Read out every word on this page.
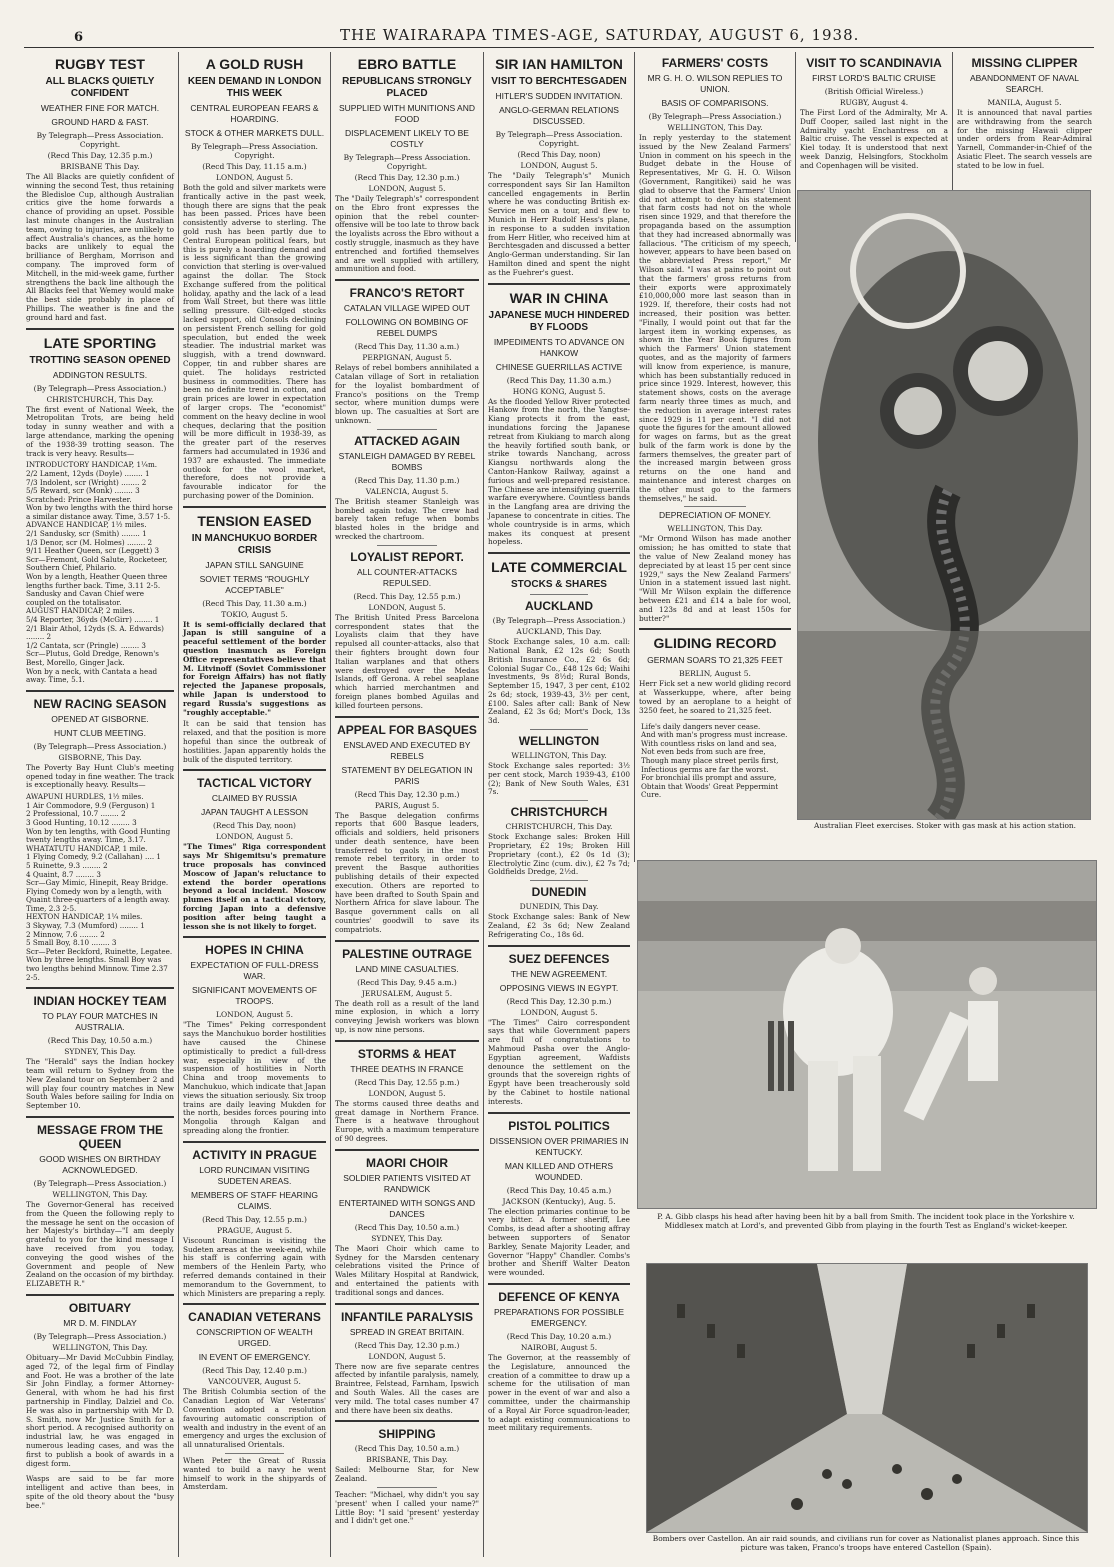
6	THE WAIRARAPA TIMES-AGE, SATURDAY, AUGUST 6, 1938.
RUGBY TEST
ALL BLACKS QUIETLY CONFIDENT
WEATHER FINE FOR MATCH.
GROUND HARD & FAST.
By Telegraph—Press Association. Copyright.
(Recd This Day, 12.35 p.m.)
BRISBANE This Day.
The All Blacks are quietly confident of winning the second Test, thus retaining the Bledisloe Cup, although Australian critics give the home forwards a chance of providing an upset. Possible last minute changes in the Australian team, owing to injuries, are unlikely to affect Australia's chances, as the home backs are unlikely to equal the brilliance of Bergham, Morrison and company. The improved form of Mitchell, in the mid-week game, further strengthens the back line although the All Blacks feel that Wemey would make the best side probably in place of Phillips. The weather is fine and the ground hard and fast.
LATE SPORTING
TROTTING SEASON OPENED
ADDINGTON RESULTS.
(By Telegraph—Press Association.)
CHRISTCHURCH, This Day.
The first event of National Week, the Metropolitan Trots, are being held today in sunny weather and with a large attendance, marking the opening of the 1938-39 trotting season. The track is very heavy. Results—
INTRODUCTORY HANDICAP, 1¼m.
2/2 Lament, 12yds (Doyle) ........ 1
7/3 Indolent, scr (Wright) ........ 2
5/5 Reward, scr (Monk) ........ 3
Scratched: Prince Harvester.
Won by two lengths with the third horse a similar distance away. Time, 3.57 1-5.
ADVANCE HANDICAP, 1½ miles.
2/1 Sandusky, scr (Smith) ........ 1
1/3 Denor, scr (M. Holmes) ........ 2
9/11 Heather Queen, scr (Leggett) 3
Scr—Fremont, Gold Salute, Rocketeer, Southern Chief, Philario.
Won by a length, Heather Queen three lengths further back. Time, 3.11 2-5.
Sandusky and Cavan Chief were coupled on the totalisator.
AUGUST HANDICAP, 2 miles.
5/4 Reporter, 36yds (McGirr) ........ 1
2/1 Blair Athol, 12yds (S. A. Edwards) ........ 2
1/2 Cantata, scr (Pringle) ........ 3
Scr—Plutus, Gold Dredge, Renown's Best, Morello, Ginger Jack.
Won by a neck, with Cantata a head away. Time, 5.1.
NEW RACING SEASON
OPENED AT GISBORNE.
HUNT CLUB MEETING.
(By Telegraph—Press Association.)
GISBORNE, This Day.
The Poverty Bay Hunt Club's meeting opened today in fine weather. The track is exceptionally heavy. Results—
AWAPUNI HURDLES, 1½ miles.
1 Air Commodore, 9.9 (Ferguson) 1
2 Professional, 10.7 ........ 2
3 Good Hunting, 10.12 ........ 3
Won by ten lengths, with Good Hunting twenty lengths away. Time, 3.17.
WHATATUTU HANDICAP, 1 mile.
1 Flying Comedy, 9.2 (Callahan) .... 1
5 Ruinette, 9.3 ........ 2
4 Quaint, 8.7 ........ 3
Scr—Gay Mimic, Hinepit, Reay Bridge.
Flying Comedy won by a length, with Quaint three-quarters of a length away. Time, 2.3 2-5.
HEXTON HANDICAP, 1¼ miles.
3 Skyway, 7.3 (Mumford) ........ 1
2 Minnow, 7.6 ........ 2
5 Small Boy, 8.10 ........ 3
Scr—Peter Beckford, Ruinette, Legatee.
Won by three lengths. Small Boy was two lengths behind Minnow. Time 2.37 2-5.
INDIAN HOCKEY TEAM
TO PLAY FOUR MATCHES IN AUSTRALIA.
(Recd This Day, 10.50 a.m.)
SYDNEY, This Day.
The "Herald" says the Indian hockey team will return to Sydney from the New Zealand tour on September 2 and will play four country matches in New South Wales before sailing for India on September 10.
MESSAGE FROM THE QUEEN
GOOD WISHES ON BIRTHDAY ACKNOWLEDGED.
(By Telegraph—Press Association.)
WELLINGTON, This Day.
The Governor-General has received from the Queen the following reply to the message he sent on the occasion of her Majesty's birthday—"I am deeply grateful to you for the kind message I have received from you today, conveying the good wishes of the Government and people of New Zealand on the occasion of my birthday. ELIZABETH R."
OBITUARY
MR D. M. FINDLAY
(By Telegraph—Press Association.)
WELLINGTON, This Day.
Obituary—Mr David McCubbin Findlay, aged 72, of the legal firm of Findlay and Foot. He was a brother of the late Sir John Findlay, a former Attorney-General, with whom he had his first partnership in Findlay, Dalziel and Co. He was also in partnership with Mr D. S. Smith, now Mr Justice Smith for a short period. A recognised authority on industrial law, he was engaged in numerous leading cases, and was the first to publish a book of awards in a digest form.
Wasps are said to be far more intelligent and active than bees, in spite of the old theory about the "busy bee."
A GOLD RUSH
KEEN DEMAND IN LONDON THIS WEEK
CENTRAL EUROPEAN FEARS & HOARDING.
STOCK & OTHER MARKETS DULL.
By Telegraph—Press Association. Copyright.
(Recd This Day, 11.15 a.m.)
LONDON, August 5.
Both the gold and silver markets were frantically active in the past week, though there are signs that the peak has been passed. Prices have been consistently adverse to sterling. The gold rush has been partly due to Central European political fears, but this is purely a hoarding demand and is less significant than the growing conviction that sterling is over-valued against the dollar. The Stock Exchange suffered from the political holiday, apathy and the lack of a lead from Wall Street, but there was little selling pressure. Gilt-edged stocks lacked support, old Consols declining on persistent French selling for gold speculation, but ended the week steadier. The industrial market was sluggish, with a trend downward. Copper, tin and rubber shares are quiet. The holidays restricted business in commodities. There has been no definite trend in cotton, and grain prices are lower in expectation of larger crops. The "economist" comment on the heavy decline in wool cheques, declaring that the position will be more difficult in 1938-39, as the greater part of the reserves farmers had accumulated in 1936 and 1937 are exhausted. The immediate outlook for the wool market, therefore, does not provide a favourable indicator for the purchasing power of the Dominion.
TENSION EASED
IN MANCHUKUO BORDER CRISIS
JAPAN STILL SANGUINE
SOVIET TERMS "ROUGHLY ACCEPTABLE"
(Recd This Day, 11.30 a.m.)
TOKIO, August 5.
It is semi-officially declared that Japan is still sanguine of a peaceful settlement of the border question inasmuch as Foreign Office representatives believe that M. Litvinoff (Soviet Commissioner for Foreign Affairs) has not flatly rejected the Japanese proposals, while Japan is understood to regard Russia's suggestions as "roughly acceptable."
It can be said that tension has relaxed, and that the position is more hopeful than since the outbreak of hostilities. Japan apparently holds the bulk of the disputed territory.
TACTICAL VICTORY
CLAIMED BY RUSSIA
JAPAN TAUGHT A LESSON
(Recd This Day, noon)
LONDON, August 5.
"The Times" Riga correspondent says Mr Shigemitsu's premature truce proposals has convinced Moscow of Japan's reluctance to extend the border operations beyond a local incident. Moscow plumes itself on a tactical victory, forcing Japan into a defensive position after being taught a lesson she is not likely to forget.
HOPES IN CHINA
EXPECTATION OF FULL-DRESS WAR.
SIGNIFICANT MOVEMENTS OF TROOPS.
LONDON, August 5.
"The Times" Peking correspondent says the Manchukuo border hostilities have caused the Chinese optimistically to predict a full-dress war, especially in view of the suspension of hostilities in North China and troop movements to Manchukuo, which indicate that Japan views the situation seriously. Six troop trains are daily leaving Mukden for the north, besides forces pouring into Mongolia through Kalgan and spreading along the frontier.
ACTIVITY IN PRAGUE
LORD RUNCIMAN VISITING SUDETEN AREAS.
MEMBERS OF STAFF HEARING CLAIMS.
(Recd This Day, 12.55 p.m.)
PRAGUE, August 5.
Viscount Runciman is visiting the Sudeten areas at the week-end, while his staff is conferring again with members of the Henlein Party, who referred demands contained in their memorandum to the Government, to which Ministers are preparing a reply.
CANADIAN VETERANS
CONSCRIPTION OF WEALTH URGED.
IN EVENT OF EMERGENCY.
(Recd This Day, 12.40 p.m.)
VANCOUVER, August 5.
The British Columbia section of the Canadian Legion of War Veterans' Convention adopted a resolution favouring automatic conscription of wealth and industry in the event of an emergency and urges the exclusion of all unnaturalised Orientals.
When Peter the Great of Russia wanted to build a navy he went himself to work in the shipyards of Amsterdam.
EBRO BATTLE
REPUBLICANS STRONGLY PLACED
SUPPLIED WITH MUNITIONS AND FOOD
DISPLACEMENT LIKELY TO BE COSTLY
By Telegraph—Press Association. Copyright.
(Recd This Day, 12.30 p.m.)
LONDON, August 5.
The "Daily Telegraph's" correspondent on the Ebro front expresses the opinion that the rebel counter-offensive will be too late to throw back the loyalists across the Ebro without a costly struggle, inasmuch as they have entrenched and fortified themselves and are well supplied with artillery, ammunition and food.
FRANCO'S RETORT
CATALAN VILLAGE WIPED OUT
FOLLOWING ON BOMBING OF REBEL DUMPS
(Recd This Day, 11.30 a.m.)
PERPIGNAN, August 5.
Relays of rebel bombers annihilated a Catalan village of Sort in retaliation for the loyalist bombardment of Franco's positions on the Tremp sector, where munition dumps were blown up. The casualties at Sort are unknown.
ATTACKED AGAIN
STANLEIGH DAMAGED BY REBEL BOMBS
(Recd This Day, 11.30 p.m.)
VALENCIA, August 5.
The British steamer Stanleigh was bombed again today. The crew had barely taken refuge when bombs blasted holes in the bridge and wrecked the chartroom.
LOYALIST REPORT.
ALL COUNTER-ATTACKS REPULSED.
(Recd. This Day, 12.55 p.m.)
LONDON, August 5.
The British United Press Barcelona correspondent states that the Loyalists claim that they have repulsed all counter-attacks, also that their fighters brought down four Italian warplanes and that others were destroyed over the Medas Islands, off Gerona. A rebel seaplane which harried merchantmen and foreign planes bombed Aguilas and killed fourteen persons.
APPEAL FOR BASQUES
ENSLAVED AND EXECUTED BY REBELS
STATEMENT BY DELEGATION IN PARIS
(Recd This Day, 12.30 p.m.)
PARIS, August 5.
The Basque delegation confirms reports that 600 Basque leaders, officials and soldiers, held prisoners under death sentence, have been transferred to gaols in the most remote rebel territory, in order to prevent the Basque authorities publishing details of their expected execution. Others are reported to have been drafted to South Spain and Northern Africa for slave labour. The Basque government calls on all countries' goodwill to save its compatriots.
PALESTINE OUTRAGE
LAND MINE CASUALTIES.
(Recd This Day, 9.45 a.m.)
JERUSALEM, August 5.
The death roll as a result of the land mine explosion, in which a lorry conveying Jewish workers was blown up, is now nine persons.
STORMS & HEAT
THREE DEATHS IN FRANCE
(Recd This Day, 12.55 p.m.)
LONDON, August 5.
The storms caused three deaths and great damage in Northern France. There is a heatwave throughout Europe, with a maximum temperature of 90 degrees.
MAORI CHOIR
SOLDIER PATIENTS VISITED AT RANDWICK
ENTERTAINED WITH SONGS AND DANCES
(Recd This Day, 10.50 a.m.)
SYDNEY, This Day.
The Maori Choir which came to Sydney for the Marsden centenary celebrations visited the Prince of Wales Military Hospital at Randwick, and entertained the patients with traditional songs and dances.
INFANTILE PARALYSIS
SPREAD IN GREAT BRITAIN.
(Recd This Day, 12.30 p.m.)
LONDON, August 5.
There now are five separate centres affected by infantile paralysis, namely, Braintree, Felstead, Farnham, Ipswich and South Wales. All the cases are very mild. The total cases number 47 and there have been six deaths.
SHIPPING
(Recd This Day, 10.50 a.m.)
BRISBANE, This Day.
Sailed: Melbourne Star, for New Zealand.
Teacher: "Michael, why didn't you say 'present' when I called your name?" Little Boy: "I said 'present' yesterday and I didn't get one."
SIR IAN HAMILTON
VISIT TO BERCHTESGADEN
HITLER'S SUDDEN INVITATION.
ANGLO-GERMAN RELATIONS DISCUSSED.
By Telegraph—Press Association. Copyright.
(Recd This Day, noon)
LONDON, August 5.
The "Daily Telegraph's" Munich correspondent says Sir Ian Hamilton cancelled engagements in Berlin where he was conducting British ex-Service men on a tour, and flew to Munich in Herr Rudolf Hess's plane, in response to a sudden invitation from Herr Hitler, who received him at Berchtesgaden and discussed a better Anglo-German understanding. Sir Ian Hamilton dined and spent the night as the Fuehrer's guest.
WAR IN CHINA
JAPANESE MUCH HINDERED BY FLOODS
IMPEDIMENTS TO ADVANCE ON HANKOW
CHINESE GUERRILLAS ACTIVE
(Recd This Day, 11.30 a.m.)
HONG KONG, August 5.
As the flooded Yellow River protected Hankow from the north, the Yangtse-Kiang protects it from the east, inundations forcing the Japanese retreat from Kiukiang to march along the heavily fortified south bank, or strike towards Nanchang, across Kiangsu northwards along the Canton-Hankow Railway, against a furious and well-prepared resistance. The Chinese are intensifying guerrilla warfare everywhere. Countless bands in the Langfang area are driving the Japanese to concentrate in cities. The whole countryside is in arms, which makes its conquest at present hopeless.
LATE COMMERCIAL
STOCKS & SHARES
AUCKLAND
(By Telegraph—Press Association.)
AUCKLAND, This Day.
Stock Exchange sales, 10 a.m. call: National Bank, £2 12s 6d; South British Insurance Co., £2 6s 6d; Colonial Sugar Co., £48 12s 6d; Waihi Investments, 9s 8½d; Rural Bonds, September 15, 1947, 3 per cent, £102 2s 6d; stock, 1939-43, 3½ per cent, £100. Sales after call: Bank of New Zealand, £2 3s 6d; Mort's Dock, 13s 3d.
WELLINGTON
WELLINGTON, This Day.
Stock Exchange sales reported: 3½ per cent stock, March 1939-43, £100 (2); Bank of New South Wales, £31 7s.
CHRISTCHURCH
CHRISTCHURCH, This Day.
Stock Exchange sales: Broken Hill Proprietary, £2 19s; Broken Hill Proprietary (cont.), £2 0s 1d (3); Electrolytic Zinc (cum. div.), £2 7s 7d; Goldfields Dredge, 2½d.
DUNEDIN
DUNEDIN, This Day.
Stock Exchange sales: Bank of New Zealand, £2 3s 6d; New Zealand Refrigerating Co., 18s 6d.
SUEZ DEFENCES
THE NEW AGREEMENT.
OPPOSING VIEWS IN EGYPT.
(Recd This Day, 12.30 p.m.)
LONDON, August 5.
"The Times" Cairo correspondent says that while Government papers are full of congratulations to Mahmoud Pasha over the Anglo-Egyptian agreement, Wafdists denounce the settlement on the grounds that the sovereign rights of Egypt have been treacherously sold by the Cabinet to hostile national interests.
PISTOL POLITICS
DISSENSION OVER PRIMARIES IN KENTUCKY.
MAN KILLED AND OTHERS WOUNDED.
(Recd This Day, 10.45 a.m.)
JACKSON (Kentucky), Aug. 5.
The election primaries continue to be very bitter. A former sheriff, Lee Combs, is dead after a shooting affray between supporters of Senator Barkley, Senate Majority Leader, and Governor "Happy" Chandler. Combs's brother and Sheriff Walter Deaton were wounded.
DEFENCE OF KENYA
PREPARATIONS FOR POSSIBLE EMERGENCY.
(Recd This Day, 10.20 a.m.)
NAIROBI, August 5.
The Governor, at the reassembly of the Legislature, announced the creation of a committee to draw up a scheme for the utilisation of man power in the event of war and also a committee, under the chairmanship of a Royal Air Force squadron-leader, to adapt existing communications to meet military requirements.
FARMERS' COSTS
MR G. H. O. WILSON REPLIES TO UNION.
BASIS OF COMPARISONS.
(By Telegraph—Press Association.)
WELLINGTON, This Day.
In reply yesterday to the statement issued by the New Zealand Farmers' Union in comment on his speech in the Budget debate in the House of Representatives, Mr G. H. O. Wilson (Government, Rangitikei) said he was glad to observe that the Farmers' Union did not attempt to deny his statement that farm costs had not on the whole risen since 1929, and that therefore the propaganda based on the assumption that they had increased abnormally was fallacious. "The criticism of my speech, however, appears to have been based on the abbreviated Press report," Mr Wilson said. "I was at pains to point out that the farmers' gross returns from their exports were approximately £10,000,000 more last season than in 1929. If, therefore, their costs had not increased, their position was better. "Finally, I would point out that far the largest item in working expenses, as shown in the Year Book figures from which the Farmers' Union statement quotes, and as the majority of farmers will know from experience, is manure, which has been substantially reduced in price since 1929. Interest, however, this statement shows, costs on the average farm nearly three times as much, and the reduction in average interest rates since 1929 is 11 per cent. "I did not quote the figures for the amount allowed for wages on farms, but as the great bulk of the farm work is done by the farmers themselves, the greater part of the increased margin between gross returns on the one hand and maintenance and interest charges on the other must go to the farmers themselves," he said.
DEPRECIATION OF MONEY.
WELLINGTON, This Day.
"Mr Ormond Wilson has made another omission; he has omitted to state that the value of New Zealand money has depreciated by at least 15 per cent since 1929," says the New Zealand Farmers' Union in a statement issued last night. "Will Mr Wilson explain the difference between £21 and £14 a bale for wool, and 123s 8d and at least 150s for butter?"
GLIDING RECORD
GERMAN SOARS TO 21,325 FEET
BERLIN, August 5.
Herr Fick set a new world gliding record at Wasserkuppe, where, after being towed by an aeroplane to a height of 3250 feet, he soared to 21,325 feet.
Life's daily dangers never cease.
And with man's progress must increase.
With countless risks on land and sea,
Not even beds from such are free,
Though many place street perils first,
Infectious germs are far the worst.
For bronchial ills prompt and assure,
Obtain that Woods' Great Peppermint Cure.
VISIT TO SCANDINAVIA
FIRST LORD'S BALTIC CRUISE
(British Official Wireless.)
RUGBY, August 4.
The First Lord of the Admiralty, Mr A. Duff Cooper, sailed last night in the Admiralty yacht Enchantress on a Baltic cruise. The vessel is expected at Kiel today. It is understood that next week Danzig, Helsingfors, Stockholm and Copenhagen will be visited.
MISSING CLIPPER
ABANDONMENT OF NAVAL SEARCH.
MANILA, August 5.
It is announced that naval parties are withdrawing from the search for the missing Hawaii clipper under orders from Rear-Admiral Yarnell, Commander-in-Chief of the Asiatic Fleet. The search vessels are stated to be low in fuel.
Australian Fleet exercises. Stoker with gas mask at his action station.
P. A. Gibb clasps his head after having been hit by a ball from Smith. The incident took place in the Yorkshire v. Middlesex match at Lord's, and prevented Gibb from playing in the fourth Test as England's wicket-keeper.
Bombers over Castellon. An air raid sounds, and civilians run for cover as Nationalist planes approach. Since this picture was taken, Franco's troops have entered Castellon (Spain).
